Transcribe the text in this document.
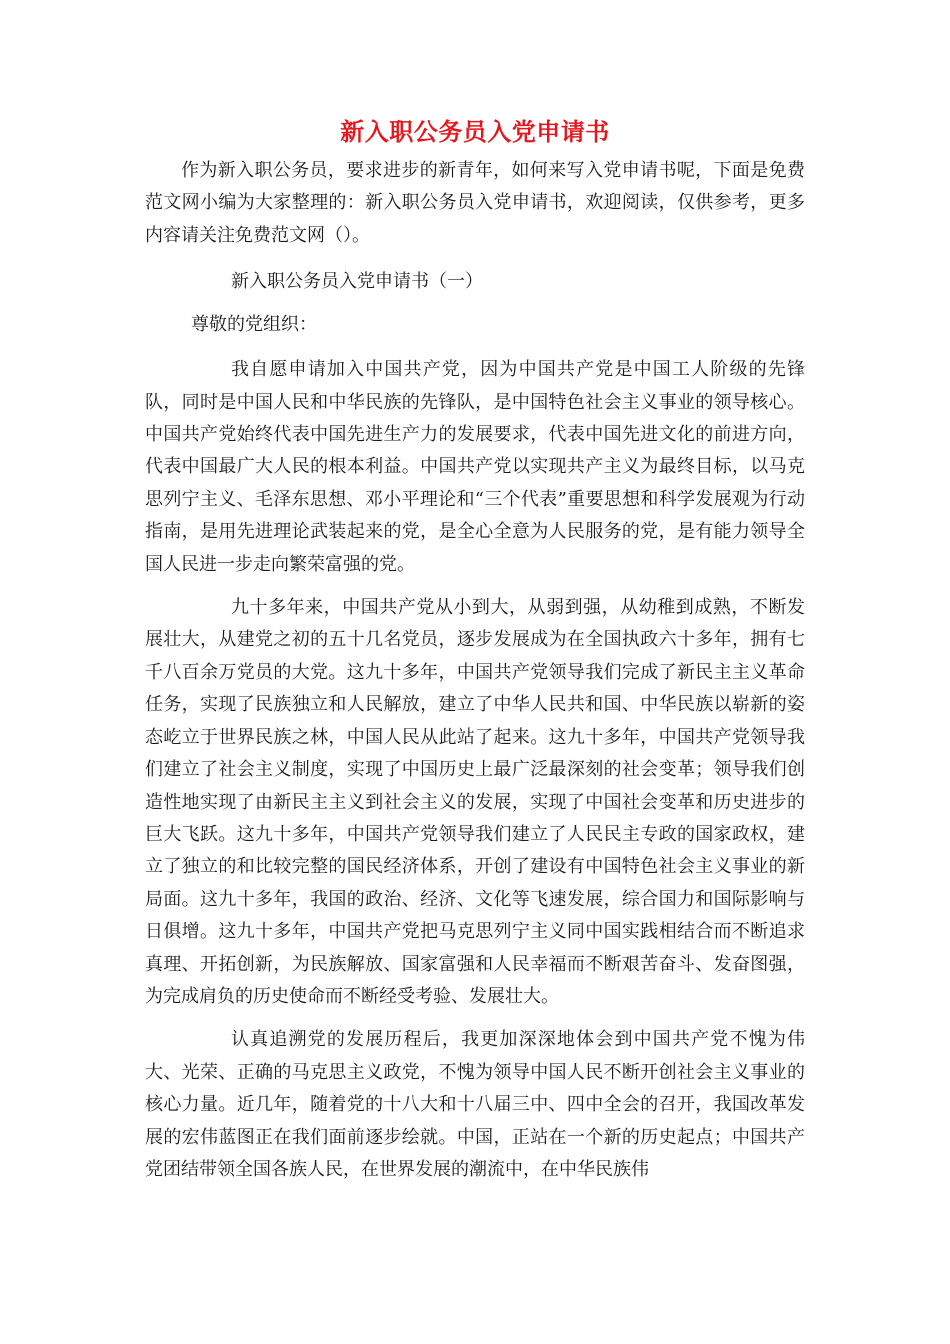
新入职公务员入党申请书

作为新入职公务员，要求进步的新青年，如何来写入党申请书呢，下面是免费范文网小编为大家整理的：新入职公务员入党申请书，欢迎阅读，仅供参考，更多内容请关注免费范文网（）。

新入职公务员入党申请书（一）

尊敬的党组织：

我自愿申请加入中国共产党，因为中国共产党是中国工人阶级的先锋队，同时是中国人民和中华民族的先锋队，是中国特色社会主义事业的领导核心。中国共产党始终代表中国先进生产力的发展要求，代表中国先进文化的前进方向，代表中国最广大人民的根本利益。中国共产党以实现共产主义为最终目标，以马克思列宁主义、毛泽东思想、邓小平理论和“三个代表”重要思想和科学发展观为行动指南，是用先进理论武装起来的党，是全心全意为人民服务的党，是有能力领导全国人民进一步走向繁荣富强的党。

九十多年来，中国共产党从小到大，从弱到强，从幼稚到成熟，不断发展壮大，从建党之初的五十几名党员，逐步发展成为在全国执政六十多年，拥有七千八百余万党员的大党。这九十多年，中国共产党领导我们完成了新民主主义革命任务，实现了民族独立和人民解放，建立了中华人民共和国、中华民族以崭新的姿态屹立于世界民族之林，中国人民从此站了起来。这九十多年，中国共产党领导我们建立了社会主义制度，实现了中国历史上最广泛最深刻的社会变革；领导我们创造性地实现了由新民主主义到社会主义的发展，实现了中国社会变革和历史进步的巨大飞跃。这九十多年，中国共产党领导我们建立了人民民主专政的国家政权，建立了独立的和比较完整的国民经济体系，开创了建设有中国特色社会主义事业的新局面。这九十多年，我国的政治、经济、文化等飞速发展，综合国力和国际影响与日俱增。这九十多年，中国共产党把马克思列宁主义同中国实践相结合而不断追求真理、开拓创新，为民族解放、国家富强和人民幸福而不断艰苦奋斗、发奋图强，为完成肩负的历史使命而不断经受考验、发展壮大。

认真追溯党的发展历程后，我更加深深地体会到中国共产党不愧为伟大、光荣、正确的马克思主义政党，不愧为领导中国人民不断开创社会主义事业的核心力量。近几年，随着党的十八大和十八届三中、四中全会的召开，我国改革发展的宏伟蓝图正在我们面前逐步绘就。中国，正站在一个新的历史起点；中国共产党团结带领全国各族人民，在世界发展的潮流中，在中华民族伟
